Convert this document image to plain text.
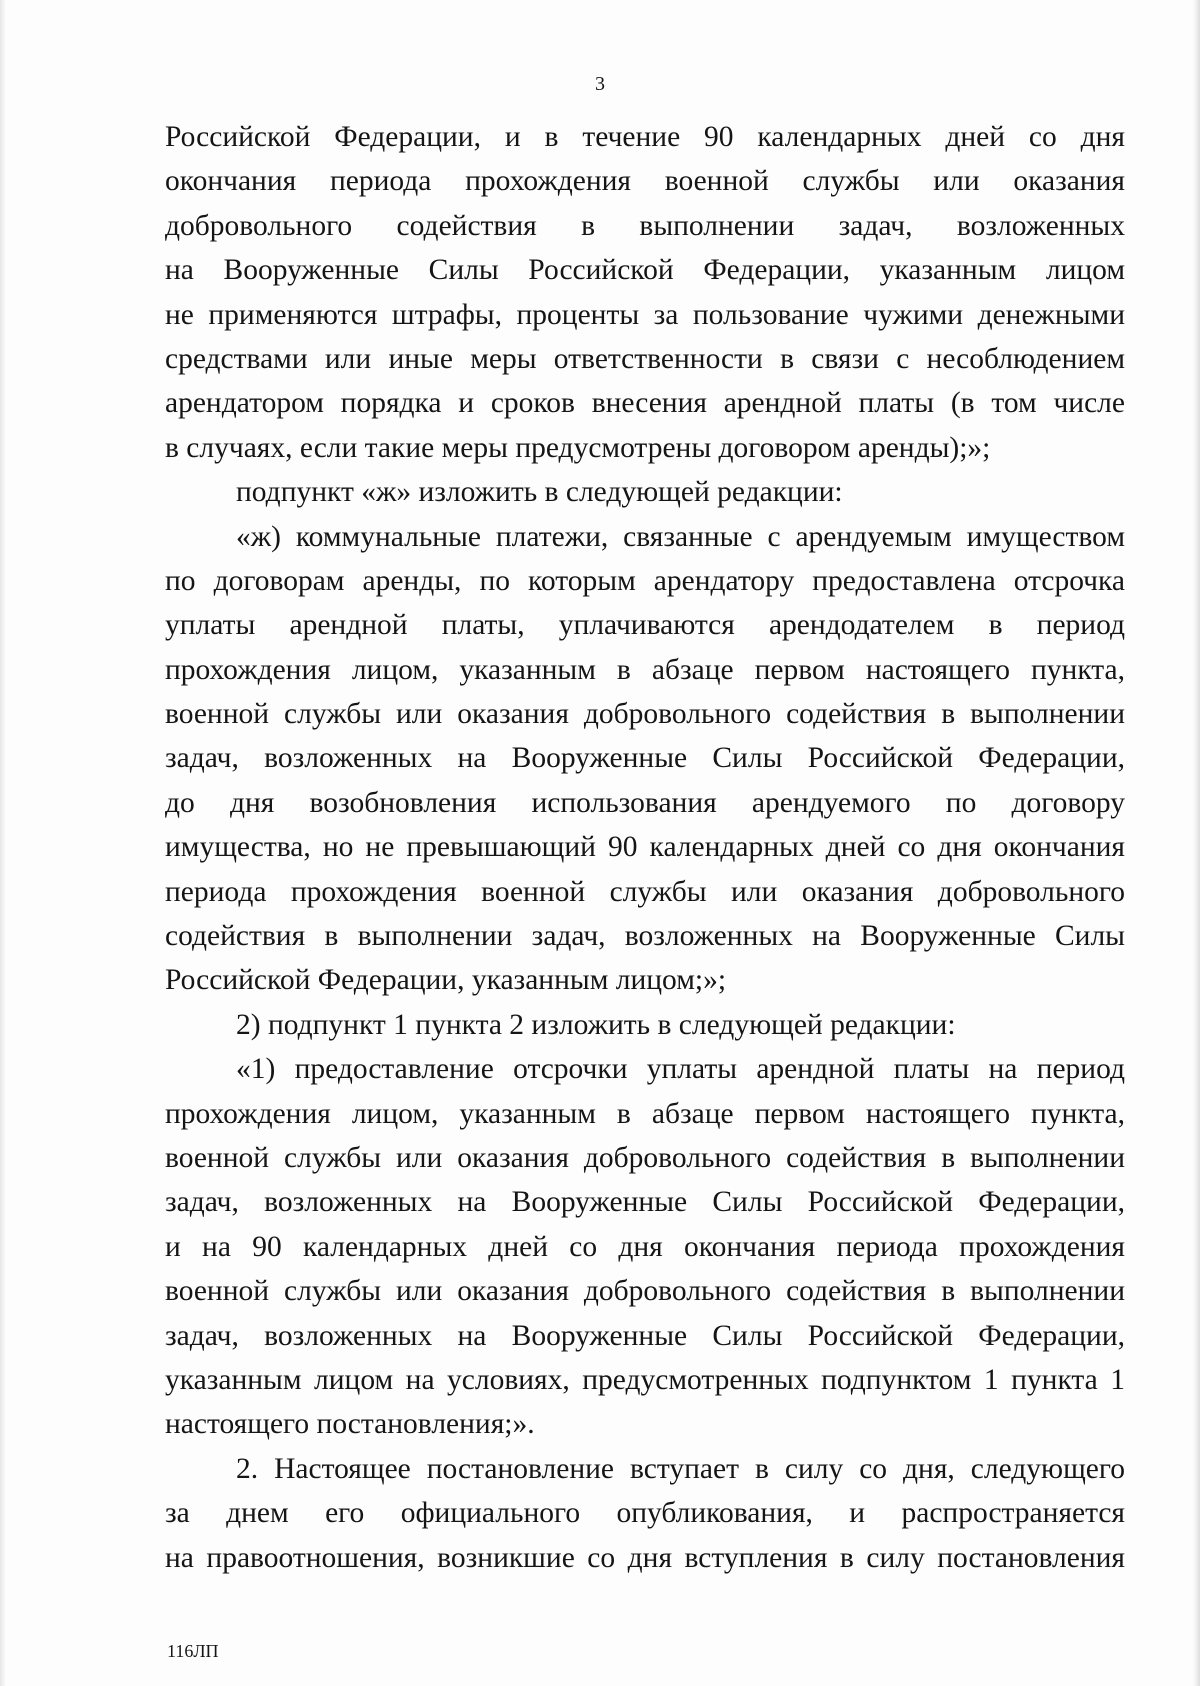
3
Российской Федерации, и в течение 90 календарных дней со дня
окончания периода прохождения военной службы или оказания
добровольного содействия в выполнении задач, возложенных
на Вооруженные Силы Российской Федерации, указанным лицом
не применяются штрафы, проценты за пользование чужими денежными
средствами или иные меры ответственности в связи с несоблюдением
арендатором порядка и сроков внесения арендной платы (в том числе
в случаях, если такие меры предусмотрены договором аренды);»;
подпункт «ж» изложить в следующей редакции:
«ж) коммунальные платежи, связанные с арендуемым имуществом
по договорам аренды, по которым арендатору предоставлена отсрочка
уплаты арендной платы, уплачиваются арендодателем в период
прохождения лицом, указанным в абзаце первом настоящего пункта,
военной службы или оказания добровольного содействия в выполнении
задач, возложенных на Вооруженные Силы Российской Федерации,
до дня возобновления использования арендуемого по договору
имущества, но не превышающий 90 календарных дней со дня окончания
периода прохождения военной службы или оказания добровольного
содействия в выполнении задач, возложенных на Вооруженные Силы
Российской Федерации, указанным лицом;»;
2) подпункт 1 пункта 2 изложить в следующей редакции:
«1) предоставление отсрочки уплаты арендной платы на период
прохождения лицом, указанным в абзаце первом настоящего пункта,
военной службы или оказания добровольного содействия в выполнении
задач, возложенных на Вооруженные Силы Российской Федерации,
и на 90 календарных дней со дня окончания периода прохождения
военной службы или оказания добровольного содействия в выполнении
задач, возложенных на Вооруженные Силы Российской Федерации,
указанным лицом на условиях, предусмотренных подпунктом 1 пункта 1
настоящего постановления;».
2. Настоящее постановление вступает в силу со дня, следующего
за днем его официального опубликования, и распространяется
на правоотношения, возникшие со дня вступления в силу постановления
116ЛП
